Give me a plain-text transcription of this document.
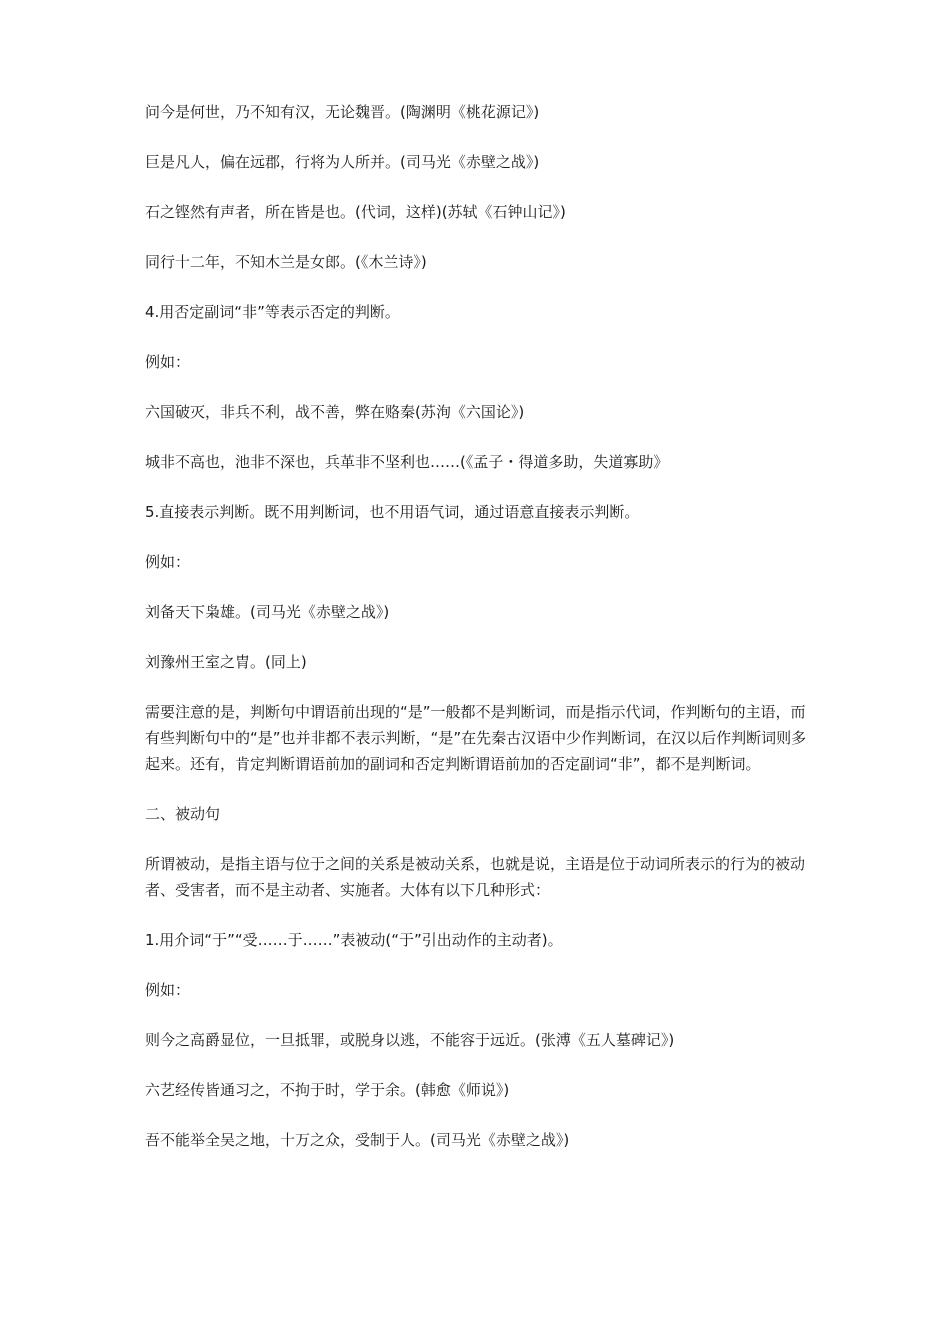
问今是何世，乃不知有汉，无论魏晋。(陶渊明《桃花源记》)

巨是凡人，偏在远郡，行将为人所并。(司马光《赤壁之战》)

石之铿然有声者，所在皆是也。(代词，这样)(苏轼《石钟山记》)

同行十二年，不知木兰是女郎。(《木兰诗》)

4.用否定副词“非”等表示否定的判断。

例如：

六国破灭，非兵不利，战不善，弊在赂秦(苏洵《六国论》)

城非不高也，池非不深也，兵革非不坚利也……(《孟子・得道多助，失道寡助》

5.直接表示判断。既不用判断词，也不用语气词，通过语意直接表示判断。

例如：

刘备天下枭雄。(司马光《赤壁之战》)

刘豫州王室之胄。(同上)

需要注意的是，判断句中谓语前出现的“是”一般都不是判断词，而是指示代词，作判断句的主语，而有些判断句中的“是”也并非都不表示判断，“是”在先秦古汉语中少作判断词，在汉以后作判断词则多起来。还有，肯定判断谓语前加的副词和否定判断谓语前加的否定副词“非”，都不是判断词。

二、被动句

所谓被动，是指主语与位于之间的关系是被动关系，也就是说，主语是位于动词所表示的行为的被动者、受害者，而不是主动者、实施者。大体有以下几种形式：

1.用介词“于”“受……于……”表被动(“于”引出动作的主动者)。

例如：

则今之高爵显位，一旦抵罪，或脱身以逃，不能容于远近。(张溥《五人墓碑记》)

六艺经传皆通习之，不拘于时，学于余。(韩愈《师说》)

吾不能举全吴之地，十万之众，受制于人。(司马光《赤壁之战》)
